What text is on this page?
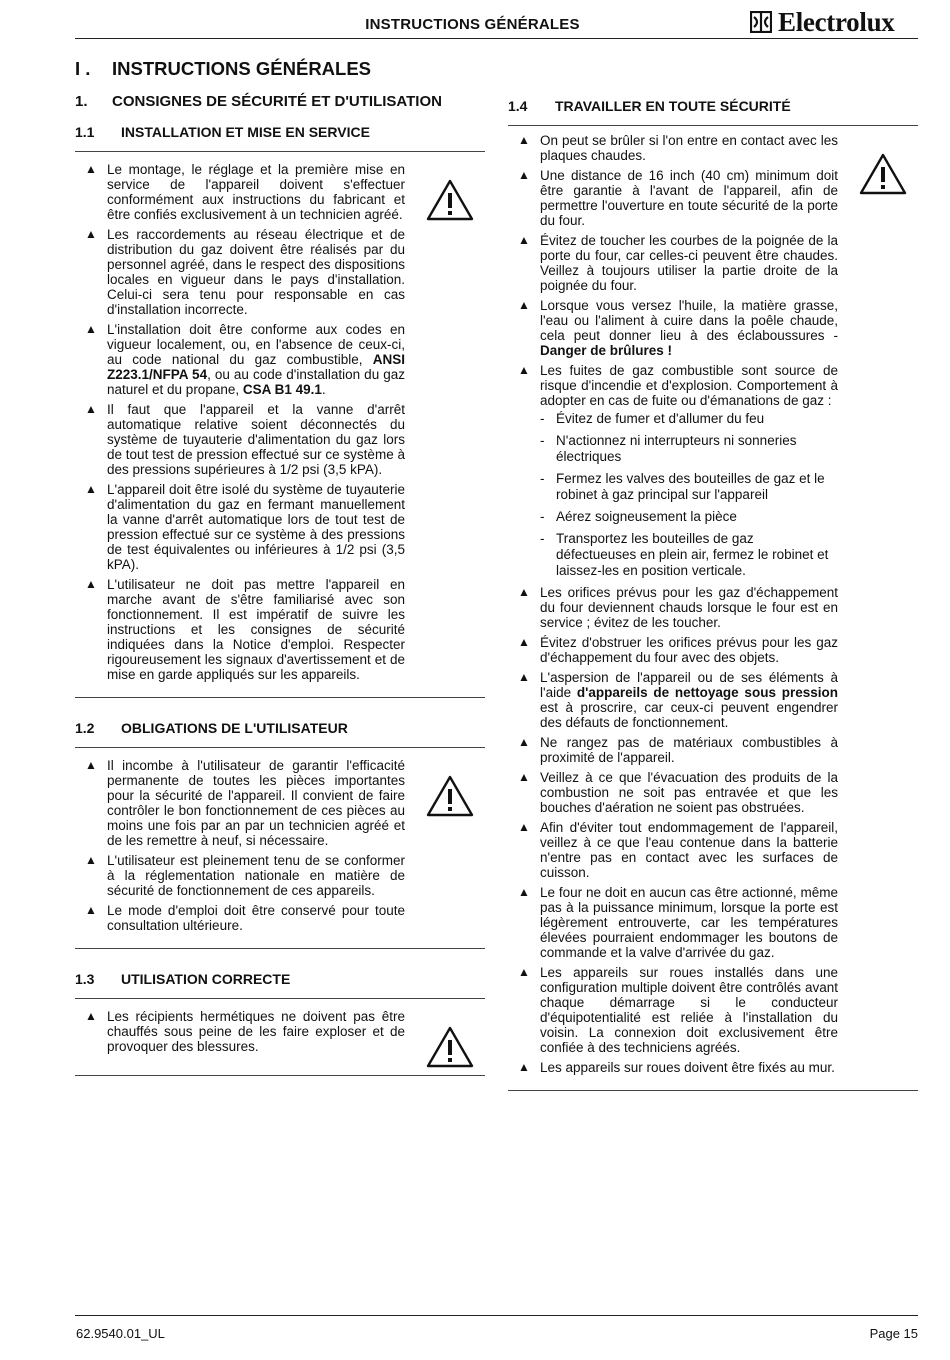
INSTRUCTIONS GÉNÉRALES	Electrolux
I .	INSTRUCTIONS GÉNÉRALES
1.	CONSIGNES DE SÉCURITÉ ET D'UTILISATION
1.1	INSTALLATION ET MISE EN SERVICE
▲ Le montage, le réglage et la première mise en service de l'appareil doivent s'effectuer conformément aux instructions du fabricant et être confiés exclusivement à un technicien agréé.
▲ Les raccordements au réseau électrique et de distribution du gaz doivent être réalisés par du personnel agréé, dans le respect des dispositions locales en vigueur dans le pays d'installation. Celui-ci sera tenu pour responsable en cas d'installation incorrecte.
▲ L'installation doit être conforme aux codes en vigueur localement, ou, en l'absence de ceux-ci, au code national du gaz combustible, ANSI Z223.1/NFPA 54, ou au code d'installation du gaz naturel et du propane, CSA B1 49.1.
▲ Il faut que l'appareil et la vanne d'arrêt automatique relative soient déconnectés du système de tuyauterie d'alimentation du gaz lors de tout test de pression effectué sur ce système à des pressions supérieures à 1/2 psi (3,5 kPA).
▲ L'appareil doit être isolé du système de tuyauterie d'alimentation du gaz en fermant manuellement la vanne d'arrêt automatique lors de tout test de pression effectué sur ce système à des pressions de test équivalentes ou inférieures à 1/2 psi (3,5 kPA).
▲ L'utilisateur ne doit pas mettre l'appareil en marche avant de s'être familiarisé avec son fonctionnement. Il est impératif de suivre les instructions et les consignes de sécurité indiquées dans la Notice d'emploi. Respecter rigoureusement les signaux d'avertissement et de mise en garde appliqués sur les appareils.
1.2	OBLIGATIONS DE L'UTILISATEUR
▲ Il incombe à l'utilisateur de garantir l'efficacité permanente de toutes les pièces importantes pour la sécurité de l'appareil. Il convient de faire contrôler le bon fonctionnement de ces pièces au moins une fois par an par un technicien agréé et de les remettre à neuf, si nécessaire.
▲ L'utilisateur est pleinement tenu de se conformer à la réglementation nationale en matière de sécurité de fonctionnement de ces appareils.
▲ Le mode d'emploi doit être conservé pour toute consultation ultérieure.
1.3	UTILISATION CORRECTE
▲ Les récipients hermétiques ne doivent pas être chauffés sous peine de les faire exploser et de provoquer des blessures.
1.4	TRAVAILLER EN TOUTE SÉCURITÉ
▲ On peut se brûler si l'on entre en contact avec les plaques chaudes.
▲ Une distance de 16 inch (40 cm) minimum doit être garantie à l'avant de l'appareil, afin de permettre l'ouverture en toute sécurité de la porte du four.
▲ Évitez de toucher les courbes de la poignée de la porte du four, car celles-ci peuvent être chaudes. Veillez à toujours utiliser la partie droite de la poignée du four.
▲ Lorsque vous versez l'huile, la matière grasse, l'eau ou l'aliment à cuire dans la poêle chaude, cela peut donner lieu à des éclaboussures - Danger de brûlures !
▲ Les fuites de gaz combustible sont source de risque d'incendie et d'explosion. Comportement à adopter en cas de fuite ou d'émanations de gaz :
- Évitez de fumer et d'allumer du feu
- N'actionnez ni interrupteurs ni sonneries électriques
- Fermez les valves des bouteilles de gaz et le robinet à gaz principal sur l'appareil
- Aérez soigneusement la pièce
- Transportez les bouteilles de gaz défectueuses en plein air, fermez le robinet et laissez-les en position verticale.
▲ Les orifices prévus pour les gaz d'échappement du four deviennent chauds lorsque le four est en service ; évitez de les toucher.
▲ Évitez d'obstruer les orifices prévus pour les gaz d'échappement du four avec des objets.
▲ L'aspersion de l'appareil ou de ses éléments à l'aide d'appareils de nettoyage sous pression est à proscrire, car ceux-ci peuvent engendrer des défauts de fonctionnement.
▲ Ne rangez pas de matériaux combustibles à proximité de l'appareil.
▲ Veillez à ce que l'évacuation des produits de la combustion ne soit pas entravée et que les bouches d'aération ne soient pas obstruées.
▲ Afin d'éviter tout endommagement de l'appareil, veillez à ce que l'eau contenue dans la batterie n'entre pas en contact avec les surfaces de cuisson.
▲ Le four ne doit en aucun cas être actionné, même pas à la puissance minimum, lorsque la porte est légèrement entrouverte, car les températures élevées pourraient endommager les boutons de commande et la valve d'arrivée du gaz.
▲ Les appareils sur roues installés dans une configuration multiple doivent être contrôlés avant chaque démarrage si le conducteur d'équipotentialité est reliée à l'installation du voisin. La connexion doit exclusivement être confiée à des techniciens agréés.
▲ Les appareils sur roues doivent être fixés au mur.
62.9540.01_UL	Page 15
